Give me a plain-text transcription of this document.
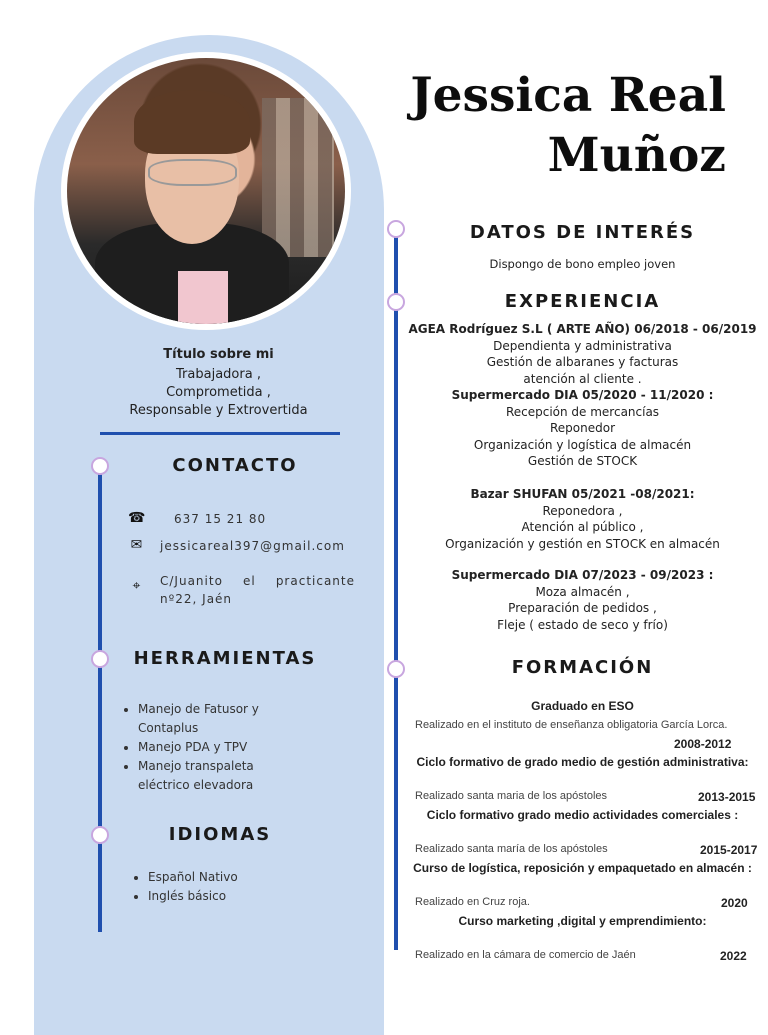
Jessica Real
Muñoz
Título sobre mi
Trabajadora ,
Comprometida ,
Responsable y Extrovertida
CONTACTO
☎ 637 15 21 80
✉ jessicareal397@gmail.com
⌖	C/Juanito el practicante nº22, Jaén
HERRAMIENTAS
• Manejo de Fatusor y Contaplus
• Manejo PDA y TPV
• Manejo transpaleta eléctrico elevadora
IDIOMAS
• Español Nativo
• Inglés básico
DATOS DE INTERÉS
Dispongo de bono empleo joven
EXPERIENCIA
AGEA Rodríguez S.L ( ARTE AÑO) 06/2018 - 06/2019
Dependienta y administrativa
Gestión de albaranes y facturas
atención al cliente .
Supermercado DIA 05/2020 - 11/2020 :
Recepción de mercancías
Reponedor
Organización y logística de almacén
Gestión de STOCK
Bazar SHUFAN 05/2021 -08/2021:
Reponedora ,
Atención al público ,
Organización y gestión en STOCK en almacén
Supermercado DIA 07/2023 - 09/2023 :
Moza almacén ,
Preparación de pedidos ,
Fleje ( estado de seco y frío)
FORMACIÓN
Graduado en ESO
Realizado en el instituto de enseñanza obligatoria García Lorca.
2008-2012
Ciclo formativo de grado medio de gestión administrativa:
Realizado santa maria de los apóstoles	2013-2015
Ciclo formativo grado medio actividades comerciales :
Realizado santa maría de los apóstoles	2015-2017
Curso de logística, reposición y empaquetado en almacén :
Realizado en Cruz roja.	2020
Curso marketing ,digital y emprendimiento:
Realizado en la cámara de comercio de Jaén	2022
